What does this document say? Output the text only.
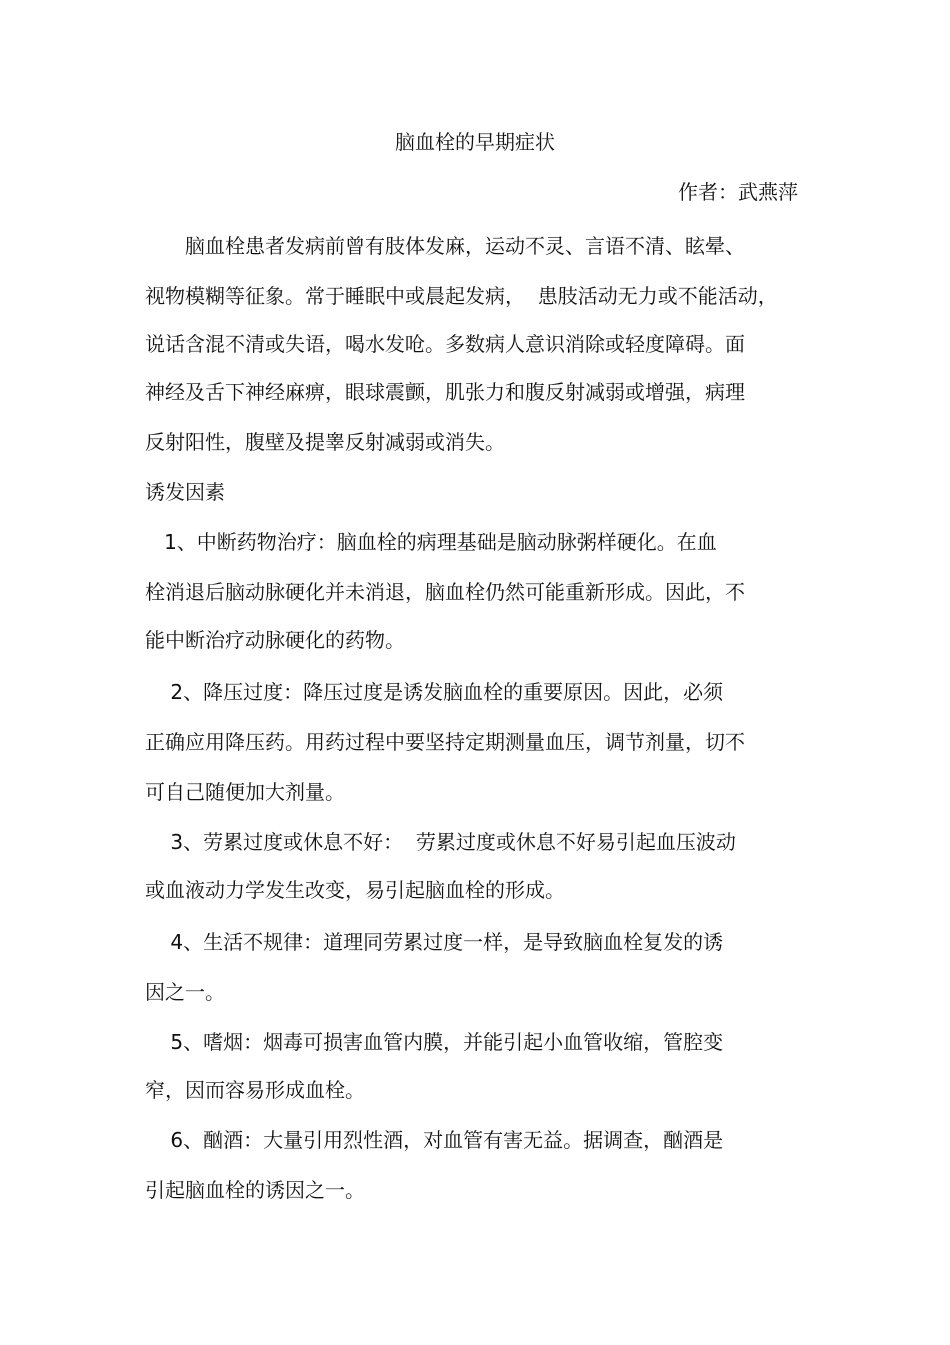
脑血栓的早期症状
作者：武燕萍
　　脑血栓患者发病前曾有肢体发麻，运动不灵、言语不清、眩晕、
视物模糊等征象。常于睡眠中或晨起发病，  患肢活动无力或不能活动，
说话含混不清或失语，喝水发呛。多数病人意识消除或轻度障碍。面
神经及舌下神经麻痹，眼球震颤，肌张力和腹反射减弱或增强，病理
反射阳性，腹壁及提睾反射减弱或消失。
诱发因素
1、中断药物治疗：脑血栓的病理基础是脑动脉粥样硬化。在血
栓消退后脑动脉硬化并未消退，脑血栓仍然可能重新形成。因此，不
能中断治疗动脉硬化的药物。
2、降压过度：降压过度是诱发脑血栓的重要原因。因此，必须
正确应用降压药。用药过程中要坚持定期测量血压，调节剂量，切不
可自己随便加大剂量。
3、劳累过度或休息不好：  劳累过度或休息不好易引起血压波动
或血液动力学发生改变，易引起脑血栓的形成。
4、生活不规律：道理同劳累过度一样，是导致脑血栓复发的诱
因之一。
5、嗜烟：烟毒可损害血管内膜，并能引起小血管收缩，管腔变
窄，因而容易形成血栓。
6、酗酒：大量引用烈性酒，对血管有害无益。据调查，酗酒是
引起脑血栓的诱因之一。
